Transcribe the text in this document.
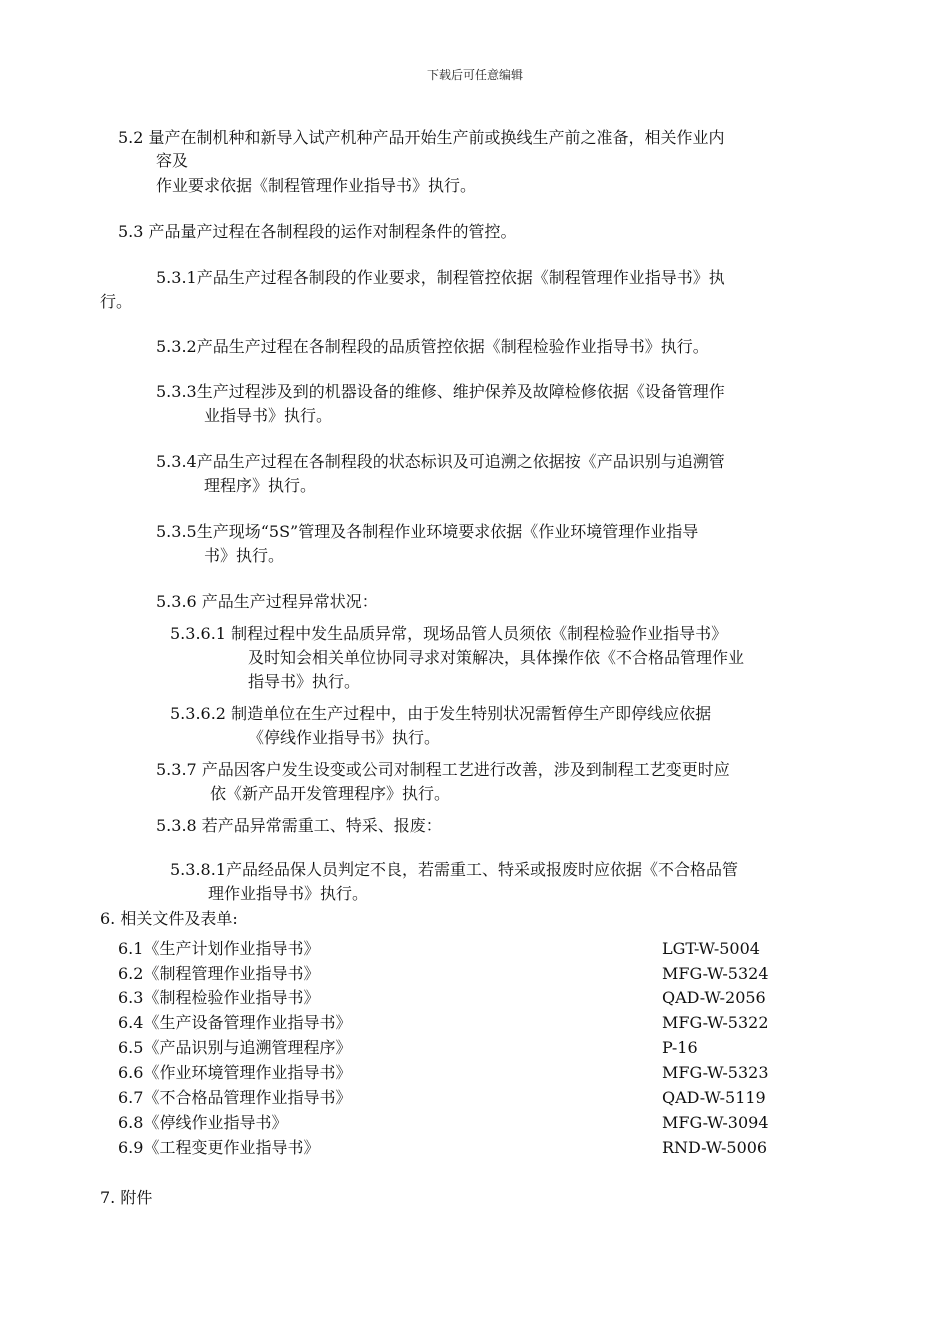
下载后可任意编辑
5.2 量产在制机种和新导入试产机种产品开始生产前或换线生产前之准备，相关作业内
容及
作业要求依据《制程管理作业指导书》执行。
5.3 产品量产过程在各制程段的运作对制程条件的管控。
5.3.1产品生产过程各制段的作业要求，制程管控依据《制程管理作业指导书》执
行。
5.3.2产品生产过程在各制程段的品质管控依据《制程检验作业指导书》执行。
5.3.3生产过程涉及到的机器设备的维修、维护保养及故障检修依据《设备管理作
业指导书》执行。
5.3.4产品生产过程在各制程段的状态标识及可追溯之依据按《产品识别与追溯管
理程序》执行。
5.3.5生产现场“5S”管理及各制程作业环境要求依据《作业环境管理作业指导
书》执行。
5.3.6 产品生产过程异常状况：
5.3.6.1 制程过程中发生品质异常，现场品管人员须依《制程检验作业指导书》
及时知会相关单位协同寻求对策解决，具体操作依《不合格品管理作业
指导书》执行。
5.3.6.2 制造单位在生产过程中，由于发生特别状况需暂停生产即停线应依据
《停线作业指导书》执行。
5.3.7 产品因客户发生设变或公司对制程工艺进行改善，涉及到制程工艺变更时应
依《新产品开发管理程序》执行。
5.3.8 若产品异常需重工、特采、报废：
5.3.8.1产品经品保人员判定不良，若需重工、特采或报废时应依据《不合格品管
理作业指导书》执行。
6. 相关文件及表单:
6.1《生产计划作业指导书》	LGT-W-5004
6.2《制程管理作业指导书》	MFG-W-5324
6.3《制程检验作业指导书》	QAD-W-2056
6.4《生产设备管理作业指导书》	MFG-W-5322
6.5《产品识别与追溯管理程序》	P-16
6.6《作业环境管理作业指导书》	MFG-W-5323
6.7《不合格品管理作业指导书》	QAD-W-5119
6.8《停线作业指导书》	MFG-W-3094
6.9《工程变更作业指导书》	RND-W-5006
7. 附件
